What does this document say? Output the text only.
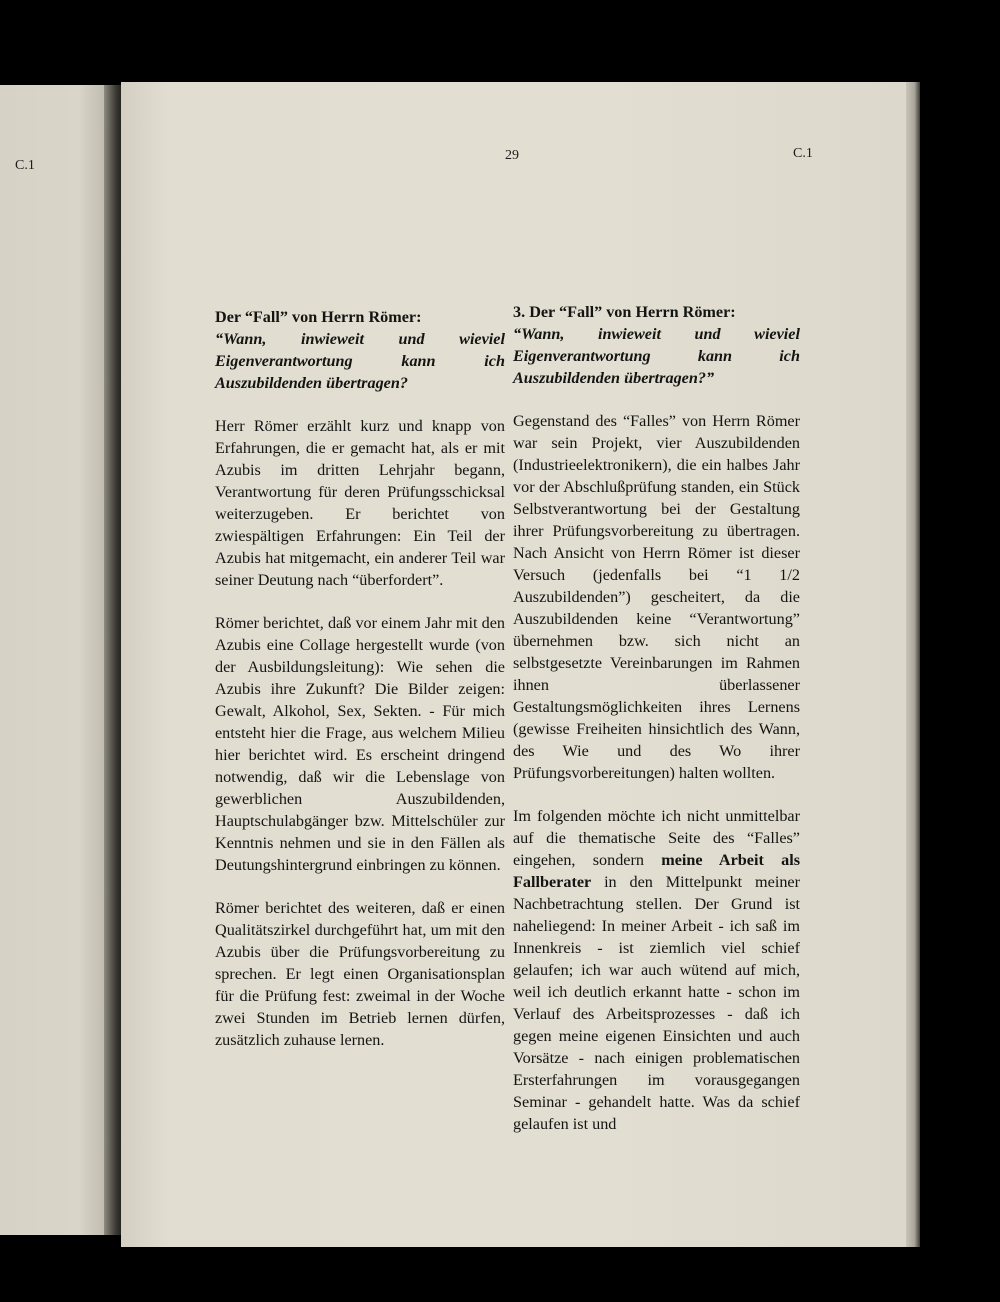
C.1
29	C.1
Der “Fall” von Herrn Römer:
“Wann, inwieweit und wieviel Eigenverantwortung kann ich Auszubildenden übertragen?

Herr Römer erzählt kurz und knapp von Erfahrungen, die er gemacht hat, als er mit Azubis im dritten Lehrjahr begann, Verantwortung für deren Prüfungsschicksal weiterzugeben. Er berichtet von zwiespältigen Erfahrungen: Ein Teil der Azubis hat mitgemacht, ein anderer Teil war seiner Deutung nach “überfordert”.

Römer berichtet, daß vor einem Jahr mit den Azubis eine Collage hergestellt wurde (von der Ausbildungsleitung): Wie sehen die Azubis ihre Zukunft? Die Bilder zeigen: Gewalt, Alkohol, Sex, Sekten. - Für mich entsteht hier die Frage, aus welchem Milieu hier berichtet wird. Es erscheint dringend notwendig, daß wir die Lebenslage von gewerblichen Auszubildenden, Hauptschulabgänger bzw. Mittelschüler zur Kenntnis nehmen und sie in den Fällen als Deutungshintergrund einbringen zu können.

Römer berichtet des weiteren, daß er einen Qualitätszirkel durchgeführt hat, um mit den Azubis über die Prüfungsvorbereitung zu sprechen. Er legt einen Organisationsplan für die Prüfung fest: zweimal in der Woche zwei Stunden im Betrieb lernen dürfen, zusätzlich zuhause lernen.

3. Der “Fall” von Herrn Römer:
“Wann, inwieweit und wieviel Eigenverantwortung kann ich Auszubildenden übertragen?”

Gegenstand des “Falles” von Herrn Römer war sein Projekt, vier Auszubildenden (Industrieelektronikern), die ein halbes Jahr vor der Abschlußprüfung standen, ein Stück Selbstverantwortung bei der Gestaltung ihrer Prüfungsvorbereitung zu übertragen. Nach Ansicht von Herrn Römer ist dieser Versuch (jedenfalls bei “1 1/2 Auszubildenden”) gescheitert, da die Auszubildenden keine “Verantwortung” übernehmen bzw. sich nicht an selbstgesetzte Vereinbarungen im Rahmen ihnen überlassener Gestaltungsmöglichkeiten ihres Lernens (gewisse Freiheiten hinsichtlich des Wann, des Wie und des Wo ihrer Prüfungsvorbereitungen) halten wollten.

Im folgenden möchte ich nicht unmittelbar auf die thematische Seite des “Falles” eingehen, sondern meine Arbeit als Fallberater in den Mittelpunkt meiner Nachbetrachtung stellen. Der Grund ist naheliegend: In meiner Arbeit - ich saß im Innenkreis - ist ziemlich viel schief gelaufen; ich war auch wütend auf mich, weil ich deutlich erkannt hatte - schon im Verlauf des Arbeitsprozesses - daß ich gegen meine eigenen Einsichten und auch Vorsätze - nach einigen problematischen Ersterfahrungen im vorausgegangen Seminar - gehandelt hatte. Was da schief gelaufen ist und
